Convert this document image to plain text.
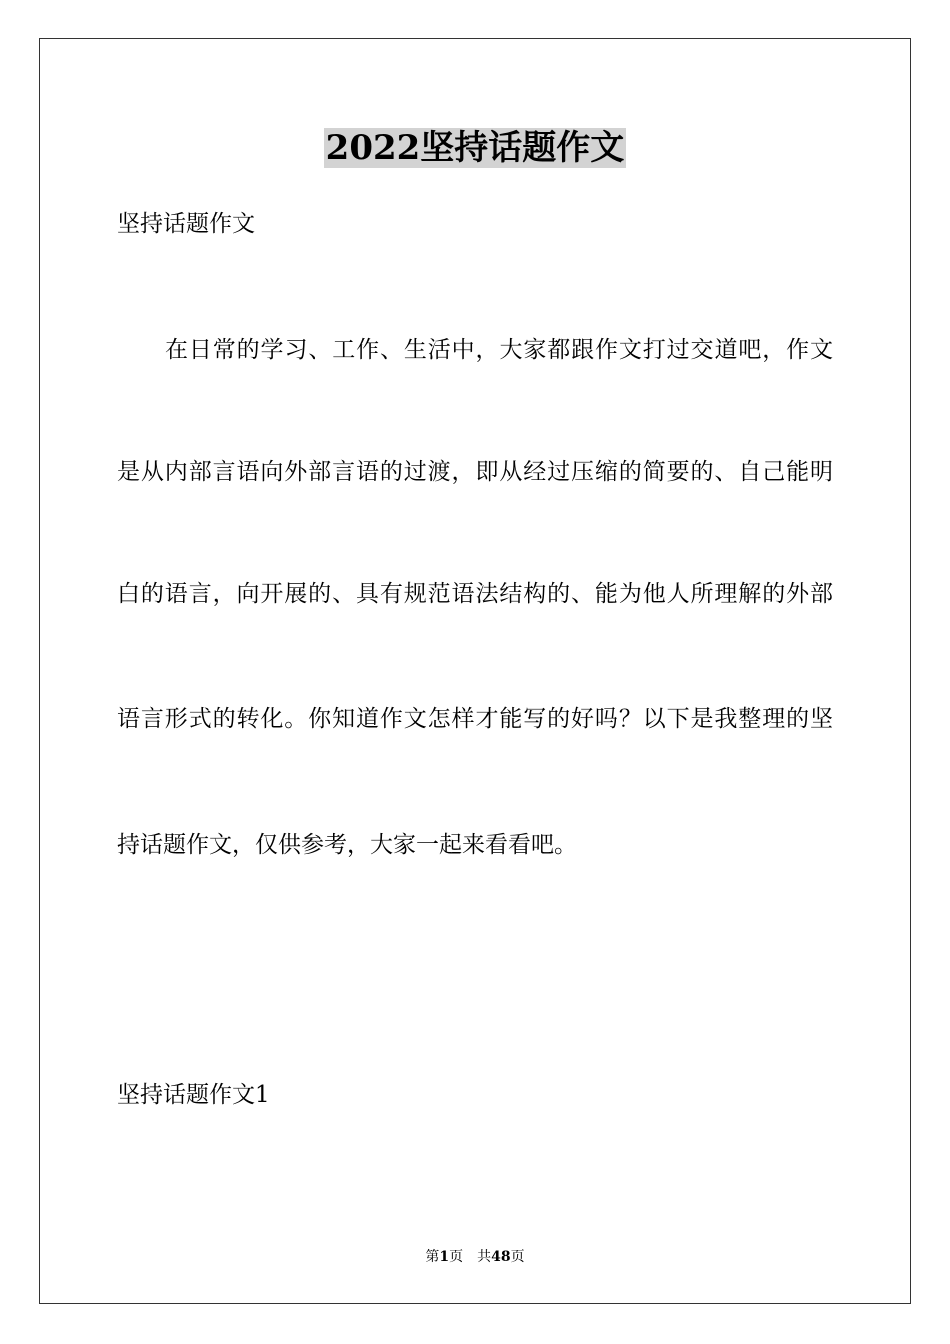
2022坚持话题作文
坚持话题作文
在日常的学习、工作、生活中，大家都跟作文打过交道吧，作文
是从内部言语向外部言语的过渡，即从经过压缩的简要的、自己能明
白的语言，向开展的、具有规范语法结构的、能为他人所理解的外部
语言形式的转化。你知道作文怎样才能写的好吗？以下是我整理的坚
持话题作文，仅供参考，大家一起来看看吧。
坚持话题作文1
第1页　共48页
